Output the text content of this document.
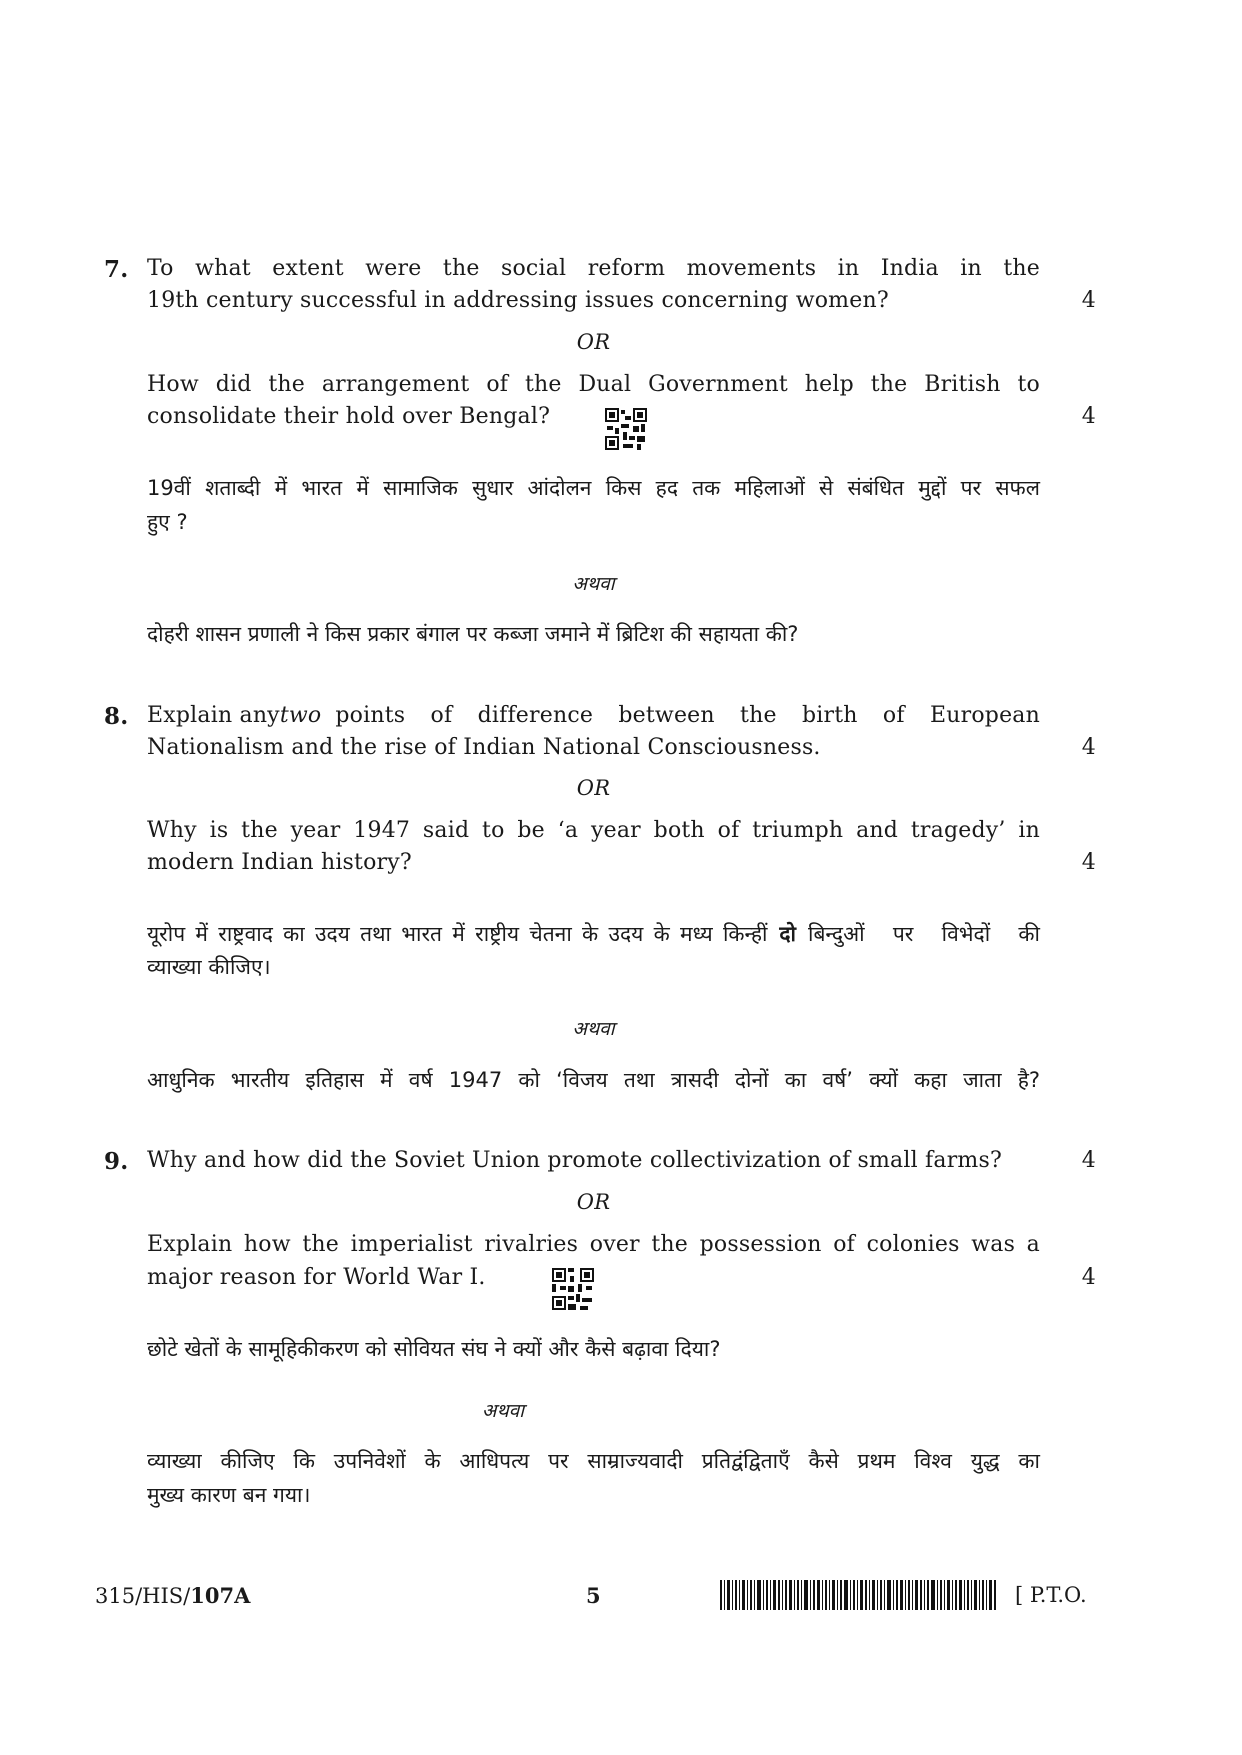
7. To what extent were the social reform movements in India in the
19th century successful in addressing issues concerning women?	4
OR
How did the arrangement of the Dual Government help the British to
consolidate their hold over Bengal?	4
19वीं शताब्दी में भारत में सामाजिक सुधार आंदोलन किस हद तक महिलाओं से संबंधित मुद्दों पर सफल
हुए ?
अथवा
दोहरी शासन प्रणाली ने किस प्रकार बंगाल पर कब्जा जमाने में ब्रिटिश की सहायता की?
8. Explain any two points of difference between the birth of European
Nationalism and the rise of Indian National Consciousness.	4
OR
Why is the year 1947 said to be ‘a year both of triumph and tragedy’ in
modern Indian history?	4
यूरोप में राष्ट्रवाद का उदय तथा भारत में राष्ट्रीय चेतना के उदय के मध्य किन्हीं दो बिन्दुओं पर विभेदों की
व्याख्या कीजिए।
अथवा
आधुनिक भारतीय इतिहास में वर्ष 1947 को ‘विजय तथा त्रासदी दोनों का वर्ष’ क्यों कहा जाता है?
9. Why and how did the Soviet Union promote collectivization of small farms?	4
OR
Explain how the imperialist rivalries over the possession of colonies was a
major reason for World War I.	4
छोटे खेतों के सामूहिकीकरण को सोवियत संघ ने क्यों और कैसे बढ़ावा दिया?
अथवा
व्याख्या कीजिए कि उपनिवेशों के आधिपत्य पर साम्राज्यवादी प्रतिद्वंद्विताएँ कैसे प्रथम विश्व युद्ध का
मुख्य कारण बन गया।
315/HIS/107A	5	[ P.T.O.
